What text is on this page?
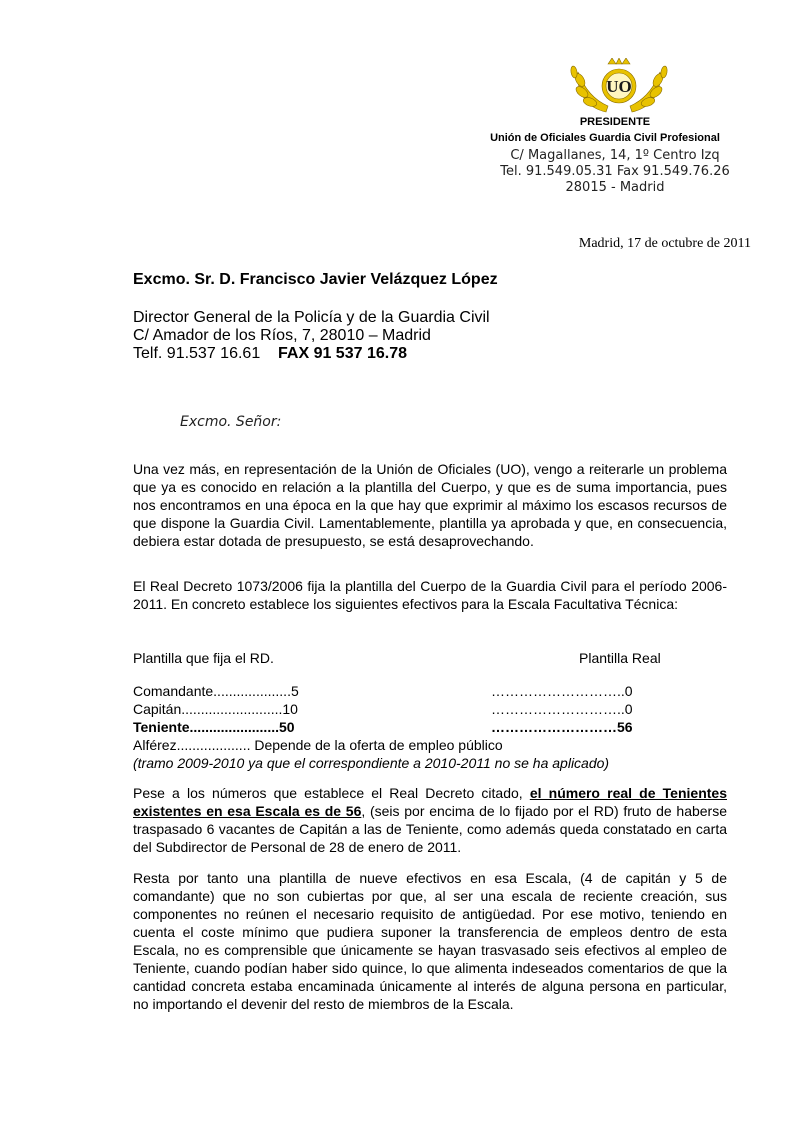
UO
PRESIDENTE
Unión de Oficiales Guardia Civil Profesional
C/ Magallanes, 14, 1º Centro Izq
Tel. 91.549.05.31 Fax 91.549.76.26
28015 - Madrid
Madrid, 17 de octubre de 2011
Excmo. Sr. D. Francisco Javier Velázquez López
Director General de la Policía y de la Guardia Civil
C/ Amador de los Ríos, 7, 28010 – Madrid
Telf. 91.537 16.61    FAX 91 537 16.78
Excmo. Señor:
Una vez más, en representación de la Unión de Oficiales (UO), vengo a reiterarle un problema que ya es conocido en relación a la plantilla del Cuerpo, y que es de suma importancia, pues nos encontramos en una época en la que hay que exprimir al máximo los escasos recursos de que dispone la Guardia Civil. Lamentablemente, plantilla ya aprobada y que, en consecuencia, debiera estar dotada de presupuesto, se está desaprovechando.
El Real Decreto 1073/2006 fija la plantilla del Cuerpo de la Guardia Civil para el período 2006-2011. En concreto establece los siguientes efectivos para la Escala Facultativa Técnica:
Plantilla que fija el RD.	Plantilla Real
Comandante....................5	………………………..0
Capitán..........................10	………………………..0
Teniente.......................50	………………………56
Alférez................... Depende de la oferta de empleo público
(tramo 2009-2010 ya que el correspondiente a 2010-2011 no se ha aplicado)
Pese a los números que establece el Real Decreto citado, el número real de Tenientes existentes en esa Escala es de 56, (seis por encima de lo fijado por el RD) fruto de haberse traspasado 6 vacantes de Capitán a las de Teniente, como además queda constatado en carta del Subdirector de Personal de 28 de enero de 2011.
Resta por tanto una plantilla de nueve efectivos en esa Escala, (4 de capitán y 5 de comandante) que no son cubiertas por que, al ser una escala de reciente creación, sus componentes no reúnen el necesario requisito de antigüedad. Por ese motivo, teniendo en cuenta el coste mínimo que pudiera suponer la transferencia de empleos dentro de esta Escala, no es comprensible que únicamente se hayan trasvasado seis efectivos al empleo de Teniente, cuando podían haber sido quince, lo que alimenta indeseados comentarios de que la cantidad concreta estaba encaminada únicamente al interés de alguna persona en particular, no importando el devenir del resto de miembros de la Escala.
